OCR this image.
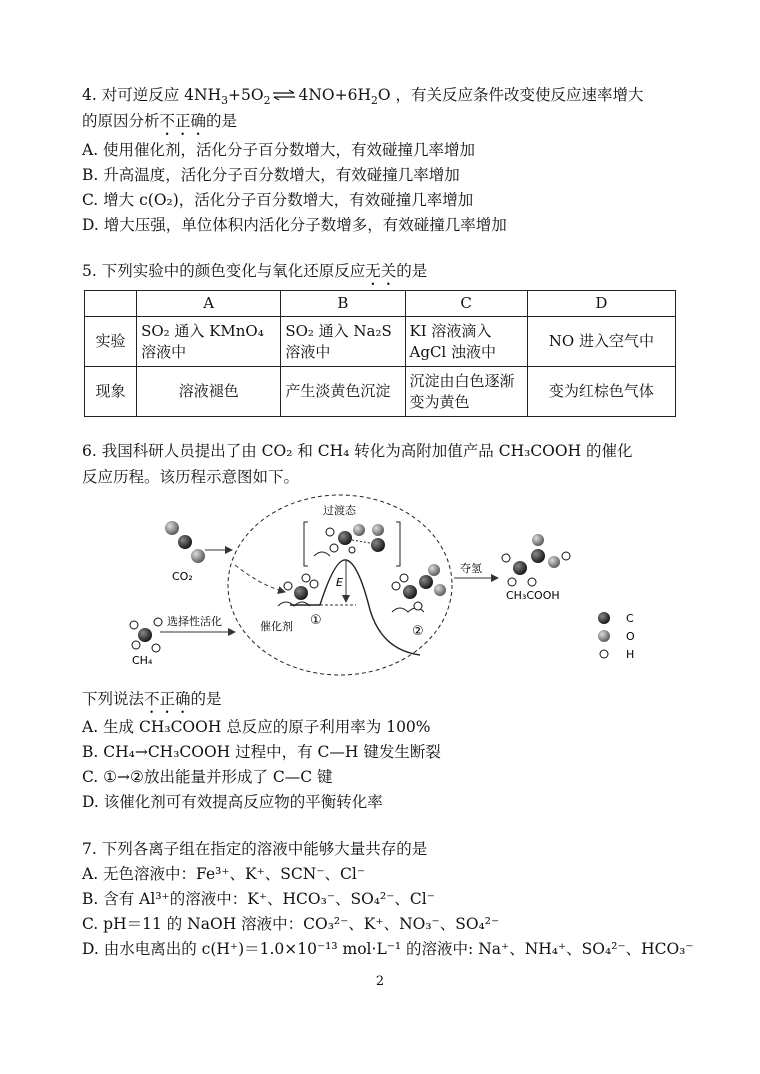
4. 对可逆反应 $4NH_3+5O_2$ ⇌ $4NO+6H_2O$ ，有关反应条件改变使反应速率增大
的原因分析不正确的是
A. 使用催化剂，活化分子百分数增大，有效碰撞几率增加
B. 升高温度，活化分子百分数增大，有效碰撞几率增加
C. 增大 c(O₂)，活化分子百分数增大，有效碰撞几率增加
D. 增大压强，单位体积内活化分子数增多，有效碰撞几率增加
5. 下列实验中的颜色变化与氧化还原反应无关的是
	A	B	C	D
实验	SO₂ 通入 KMnO₄ 溶液中	SO₂ 通入 Na₂S 溶液中	KI 溶液滴入 AgCl 浊液中	NO 进入空气中
现象	溶液褪色	产生淡黄色沉淀	沉淀由白色逐渐变为黄色	变为红棕色气体
6. 我国科研人员提出了由 CO₂ 和 CH₄ 转化为高附加值产品 CH₃COOH 的催化
反应历程。该历程示意图如下。
CO₂
CH₄
选择性活化	催化剂 ①
E
过渡态
②
夺氢
CH₃COOH
C
O
H
下列说法不正确的是
A. 生成 CH₃COOH 总反应的原子利用率为 100%
B. CH₄→CH₃COOH 过程中，有 C—H 键发生断裂
C. ①→②放出能量并形成了 C—C 键
D. 该催化剂可有效提高反应物的平衡转化率
7. 下列各离子组在指定的溶液中能够大量共存的是
A. 无色溶液中：Fe³⁺、K⁺、SCN⁻、Cl⁻
B. 含有 Al³⁺的溶液中：K⁺、HCO₃⁻、SO₄²⁻、Cl⁻
C. pH＝11 的 NaOH 溶液中：CO₃²⁻、K⁺、NO₃⁻、SO₄²⁻
D. 由水电离出的 c(H⁺)＝1.0×10⁻¹³ mol·L⁻¹ 的溶液中: Na⁺、NH₄⁺、SO₄²⁻、HCO₃⁻
2
